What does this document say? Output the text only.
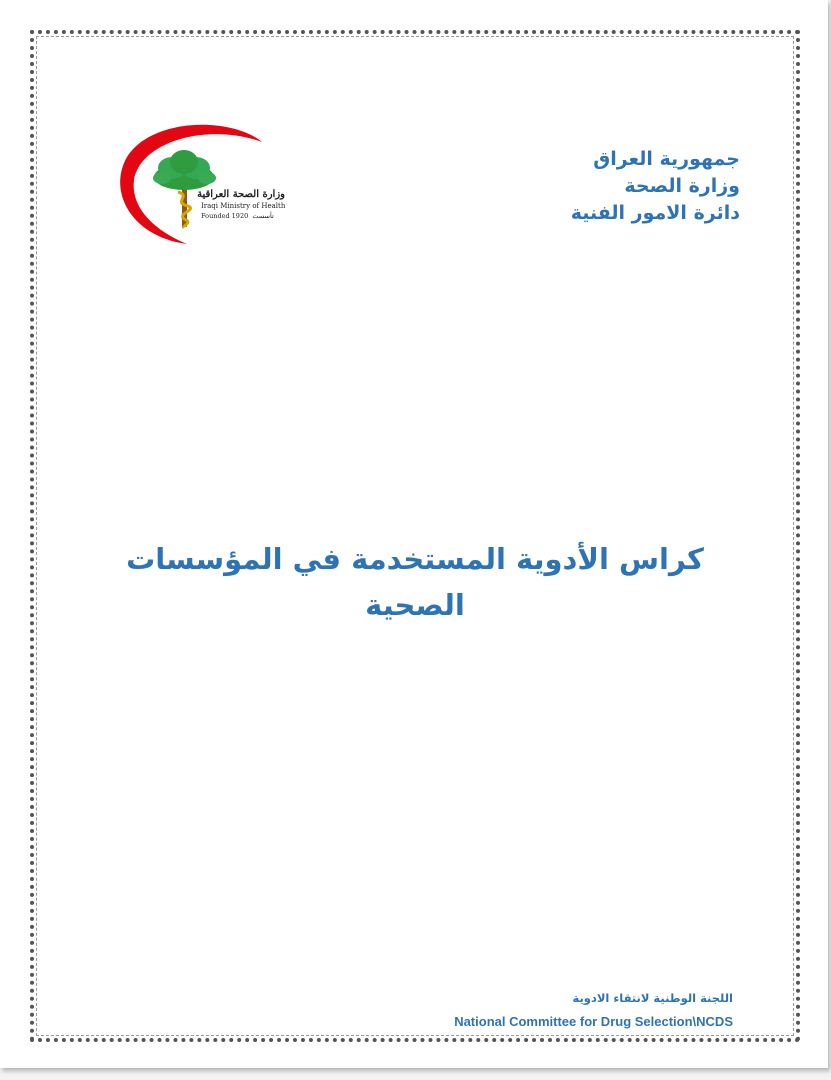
وزارة الصحة العراقية
Iraqi Ministry of Health
Founded 1920 تأسست
جمهورية العراق
وزارة الصحة
دائرة الامور الفنية
كراس الأدوية المستخدمة في المؤسسات
الصحية
اللجنة الوطنية لانتقاء الادوية
National Committee for Drug Selection\NCDS
